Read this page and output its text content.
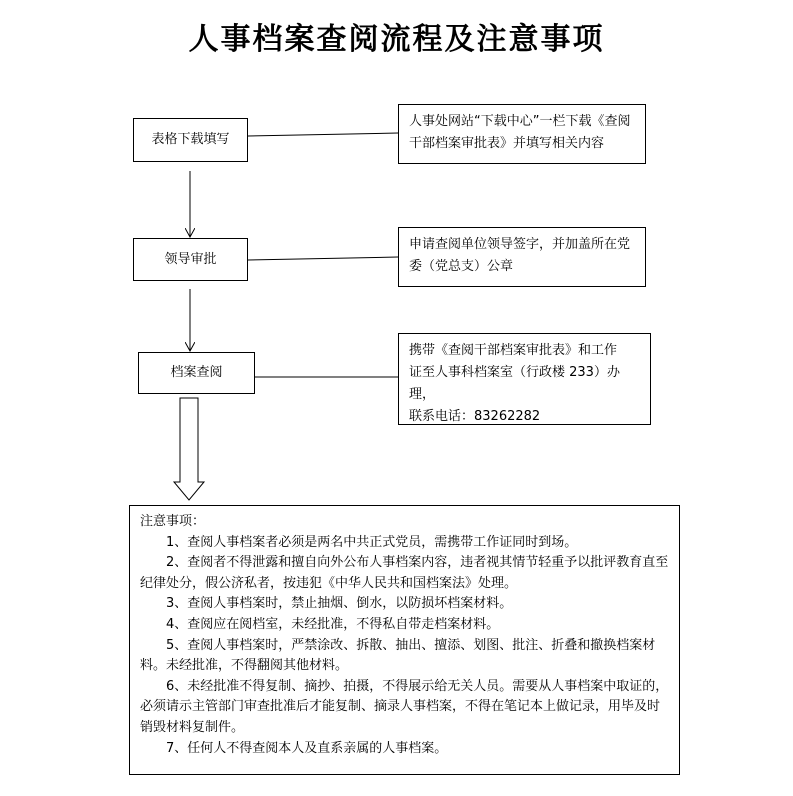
人事档案查阅流程及注意事项
表格下载填写
领导审批
档案查阅
人事处网站“下载中心”一栏下载《查阅干部档案审批表》并填写相关内容
申请查阅单位领导签字，并加盖所在党委（党总支）公章
携带《查阅干部档案审批表》和工作
证至人事科档案室（行政楼 233）办理，
联系电话：83262282

注意事项：

1、查阅人事档案者必须是两名中共正式党员，需携带工作证同时到场。

2、查阅者不得泄露和擅自向外公布人事档案内容，违者视其情节轻重予以批评教育直至纪律处分，假公济私者，按违犯《中华人民共和国档案法》处理。

3、查阅人事档案时，禁止抽烟、倒水，以防损坏档案材料。

4、查阅应在阅档室，未经批准，不得私自带走档案材料。

5、查阅人事档案时，严禁涂改、拆散、抽出、擅添、划图、批注、折叠和撤换档案材料。未经批准，不得翻阅其他材料。

6、未经批准不得复制、摘抄、拍摄，不得展示给无关人员。需要从人事档案中取证的，必须请示主管部门审查批准后才能复制、摘录人事档案，不得在笔记本上做记录，用毕及时销毁材料复制件。

7、任何人不得查阅本人及直系亲属的人事档案。
